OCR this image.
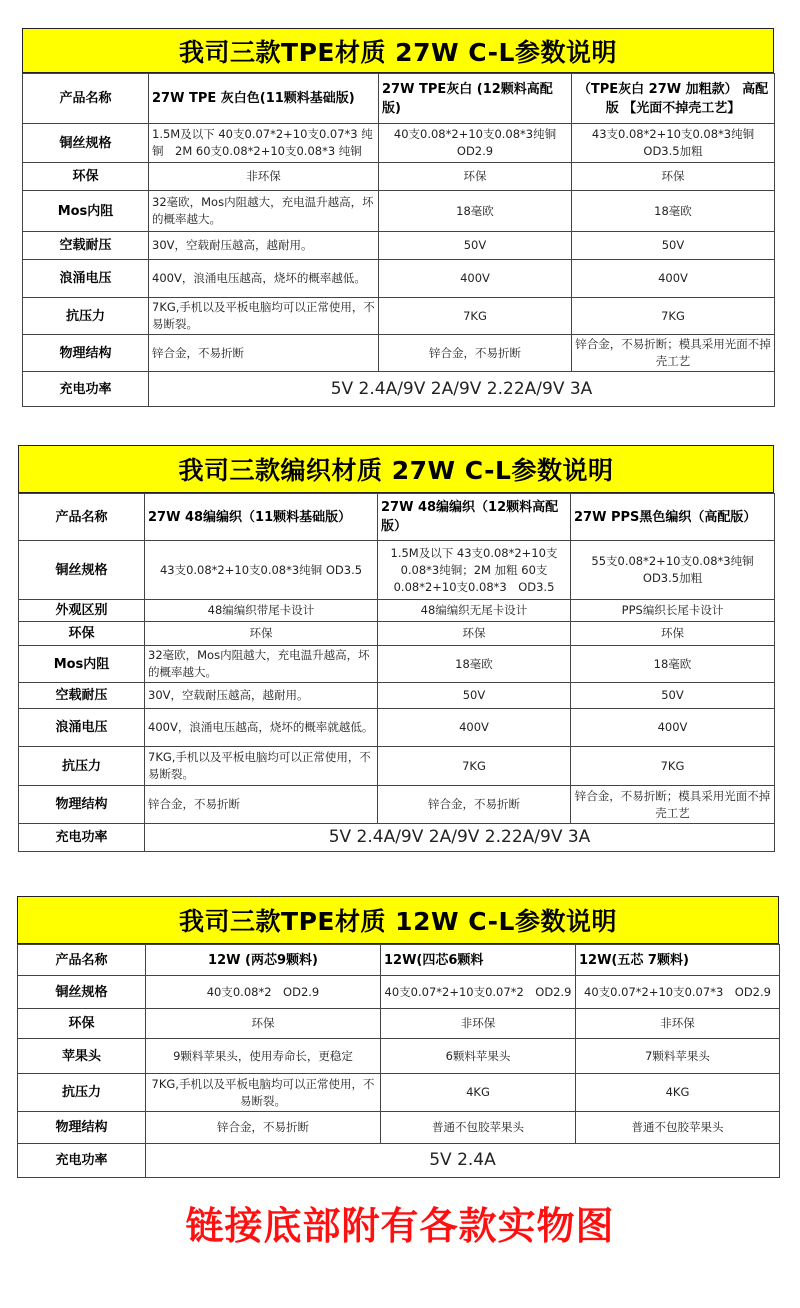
我司三款TPE材质 27W C-L参数说明
产品名称	27W TPE 灰白色(11颗料基础版)	27W TPE灰白 (12颗料高配版)	（TPE灰白 27W 加粗款） 高配版 【光面不掉壳工艺】
铜丝规格	1.5M及以下 40支0.07*2+10支0.07*3 纯铜　2M 60支0.08*2+10支0.08*3 纯铜	40支0.08*2+10支0.08*3纯铜 OD2.9	43支0.08*2+10支0.08*3纯铜 OD3.5加粗
环保	非环保	环保	环保
Mos内阻	32毫欧，Mos内阻越大，充电温升越高，坏的概率越大。	18毫欧	18毫欧
空载耐压	30V，空载耐压越高，越耐用。	50V	50V
浪涌电压	400V，浪涌电压越高，烧坏的概率越低。	400V	400V
抗压力	7KG,手机以及平板电脑均可以正常使用，不易断裂。	7KG	7KG
物理结构	锌合金，不易折断	锌合金，不易折断	锌合金，不易折断；模具采用光面不掉壳工艺
充电功率	5V 2.4A/9V 2A/9V 2.22A/9V 3A		
我司三款编织材质 27W C-L参数说明
产品名称	27W 48编编织（11颗料基础版）	27W 48编编织（12颗料高配版）	27W PPS黑色编织（高配版）
铜丝规格	43支0.08*2+10支0.08*3纯铜 OD3.5	1.5M及以下 43支0.08*2+10支0.08*3纯铜；2M 加粗 60支0.08*2+10支0.08*3　OD3.5	55支0.08*2+10支0.08*3纯铜 OD3.5加粗
外观区别	48编编织带尾卡设计	48编编织无尾卡设计	PPS编织长尾卡设计
环保	环保	环保	环保
Mos内阻	32毫欧，Mos内阻越大，充电温升越高，坏的概率越大。	18毫欧	18毫欧
空载耐压	30V，空载耐压越高，越耐用。	50V	50V
浪涌电压	400V，浪涌电压越高，烧坏的概率就越低。	400V	400V
抗压力	7KG,手机以及平板电脑均可以正常使用，不易断裂。	7KG	7KG
物理结构	锌合金，不易折断	锌合金，不易折断	锌合金，不易折断；模具采用光面不掉壳工艺
充电功率	5V 2.4A/9V 2A/9V 2.22A/9V 3A		
我司三款TPE材质 12W C-L参数说明
产品名称	12W (两芯9颗料)	12W(四芯6颗料	12W(五芯 7颗料)
铜丝规格	40支0.08*2　OD2.9	40支0.07*2+10支0.07*2　OD2.9	40支0.07*2+10支0.07*3　OD2.9
环保	环保	非环保	非环保
苹果头	9颗料苹果头，使用寿命长，更稳定	6颗料苹果头	7颗料苹果头
抗压力	7KG,手机以及平板电脑均可以正常使用，不易断裂。	4KG	4KG
物理结构	锌合金，不易折断	普通不包胶苹果头	普通不包胶苹果头
充电功率	5V 2.4A		
链接底部附有各款实物图
